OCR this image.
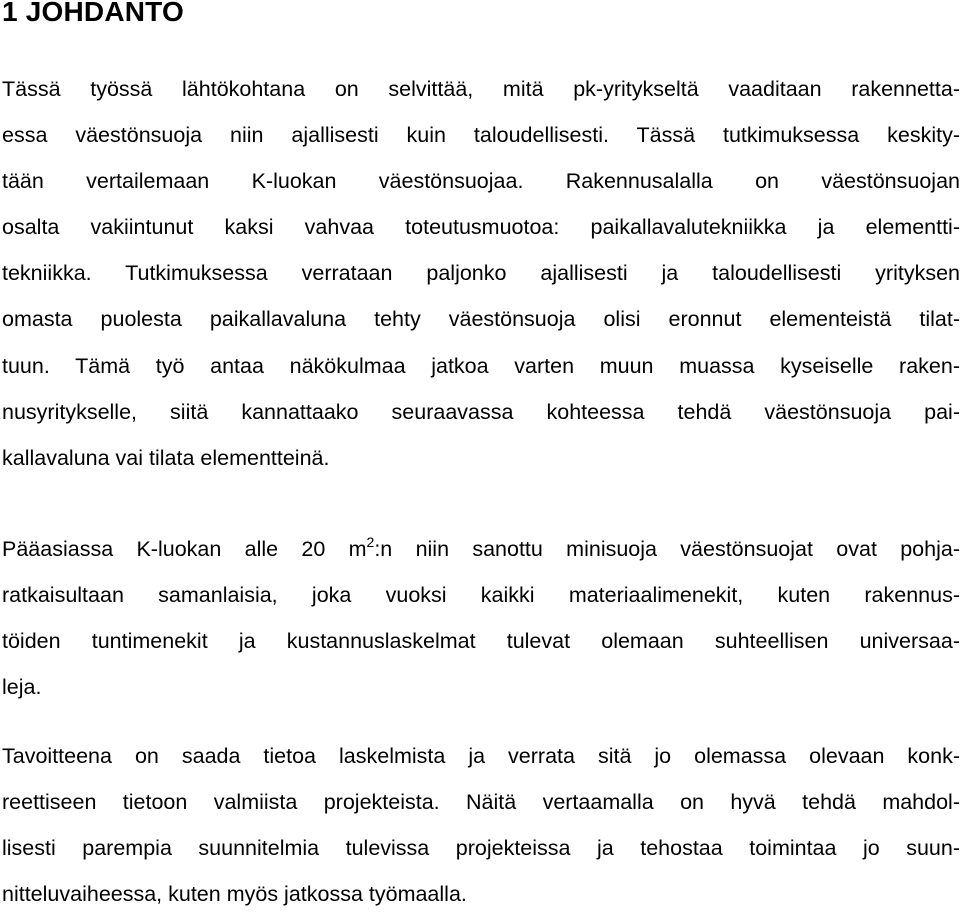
1 JOHDANTO
Tässä työssä lähtökohtana on selvittää, mitä pk-yritykseltä vaaditaan rakennetta-
essa väestönsuoja niin ajallisesti kuin taloudellisesti. Tässä tutkimuksessa keskity-
tään vertailemaan K-luokan väestönsuojaa. Rakennusalalla on väestönsuojan
osalta vakiintunut kaksi vahvaa toteutusmuotoa: paikallavalutekniikka ja elementti-
tekniikka. Tutkimuksessa verrataan paljonko ajallisesti ja taloudellisesti yrityksen
omasta puolesta paikallavaluna tehty väestönsuoja olisi eronnut elementeistä tilat-
tuun. Tämä työ antaa näkökulmaa jatkoa varten muun muassa kyseiselle raken-
nusyritykselle, siitä kannattaako seuraavassa kohteessa tehdä väestönsuoja pai-
kallavaluna vai tilata elementteinä.
Pääasiassa K-luokan alle 20 $m^2:n$ niin sanottu minisuoja väestönsuojat ovat pohja-
ratkaisultaan samanlaisia, joka vuoksi kaikki materiaalimenekit, kuten rakennus-
töiden tuntimenekit ja kustannuslaskelmat tulevat olemaan suhteellisen universaa-
leja.
Tavoitteena on saada tietoa laskelmista ja verrata sitä jo olemassa olevaan konk-
reettiseen tietoon valmiista projekteista. Näitä vertaamalla on hyvä tehdä mahdol-
lisesti parempia suunnitelmia tulevissa projekteissa ja tehostaa toimintaa jo suun-
nitteluvaiheessa, kuten myös jatkossa työmaalla.
